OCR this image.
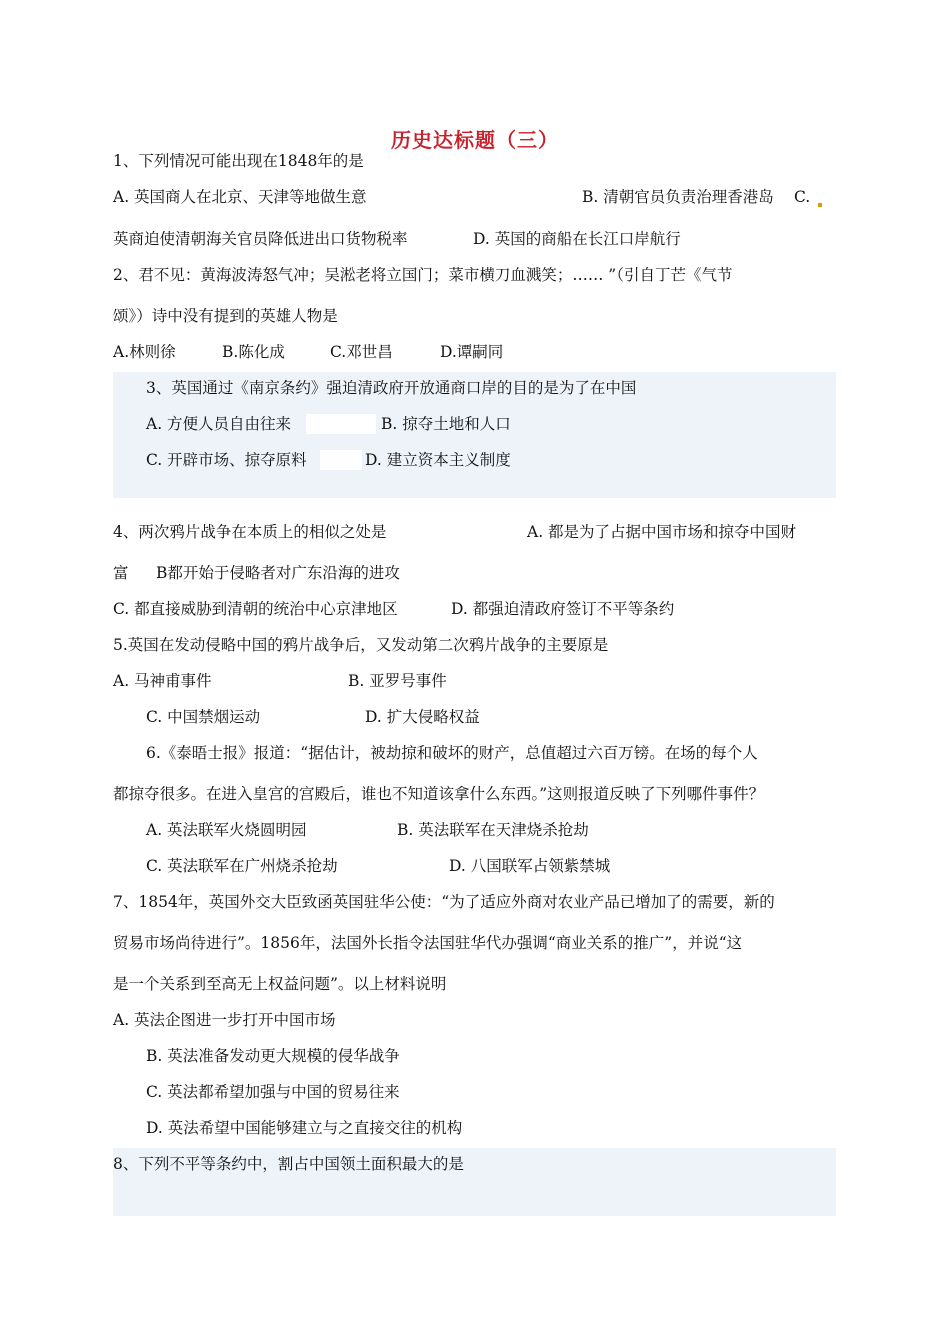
历史达标题（三）
1、下列情况可能出现在1848年的是
A. 英国商人在北京、天津等地做生意	B. 清朝官员负责治理香港岛 C.
英商迫使清朝海关官员降低进出口货物税率	D. 英国的商船在长江口岸航行
2、君不见：黄海波涛怒气冲；吴淞老将立国门；菜市横刀血溅笑；…… ”（引自丁芒《气节
颂》）诗中没有提到的英雄人物是
A.林则徐	B.陈化成	C.邓世昌	D.谭嗣同
3、英国通过《南京条约》强迫清政府开放通商口岸的目的是为了在中国
A. 方便人员自由往来	B. 掠夺土地和人口
C. 开辟市场、掠夺原料	D. 建立资本主义制度
4、两次鸦片战争在本质上的相似之处是	A. 都是为了占据中国市场和掠夺中国财
富 B都开始于侵略者对广东沿海的进攻
C. 都直接威胁到清朝的统治中心京津地区	D. 都强迫清政府签订不平等条约
5.英国在发动侵略中国的鸦片战争后，又发动第二次鸦片战争的主要原是
A. 马神甫事件	B. 亚罗号事件
C. 中国禁烟运动	D. 扩大侵略权益
6.《泰晤士报》报道：“据估计，被劫掠和破坏的财产，总值超过六百万镑。在场的每个人
都掠夺很多。在进入皇宫的宫殿后，谁也不知道该拿什么东西。”这则报道反映了下列哪件事件？
A. 英法联军火烧圆明园	B. 英法联军在天津烧杀抢劫
C. 英法联军在广州烧杀抢劫	D. 八国联军占领紫禁城
7、1854年，英国外交大臣致函英国驻华公使：“为了适应外商对农业产品已增加了的需要，新的
贸易市场尚待进行”。1856年，法国外长指令法国驻华代办强调“商业关系的推广”，并说“这
是一个关系到至高无上权益问题”。以上材料说明
A. 英法企图进一步打开中国市场
B. 英法准备发动更大规模的侵华战争
C. 英法都希望加强与中国的贸易往来
D. 英法希望中国能够建立与之直接交往的机构
8、下列不平等条约中，割占中国领土面积最大的是
